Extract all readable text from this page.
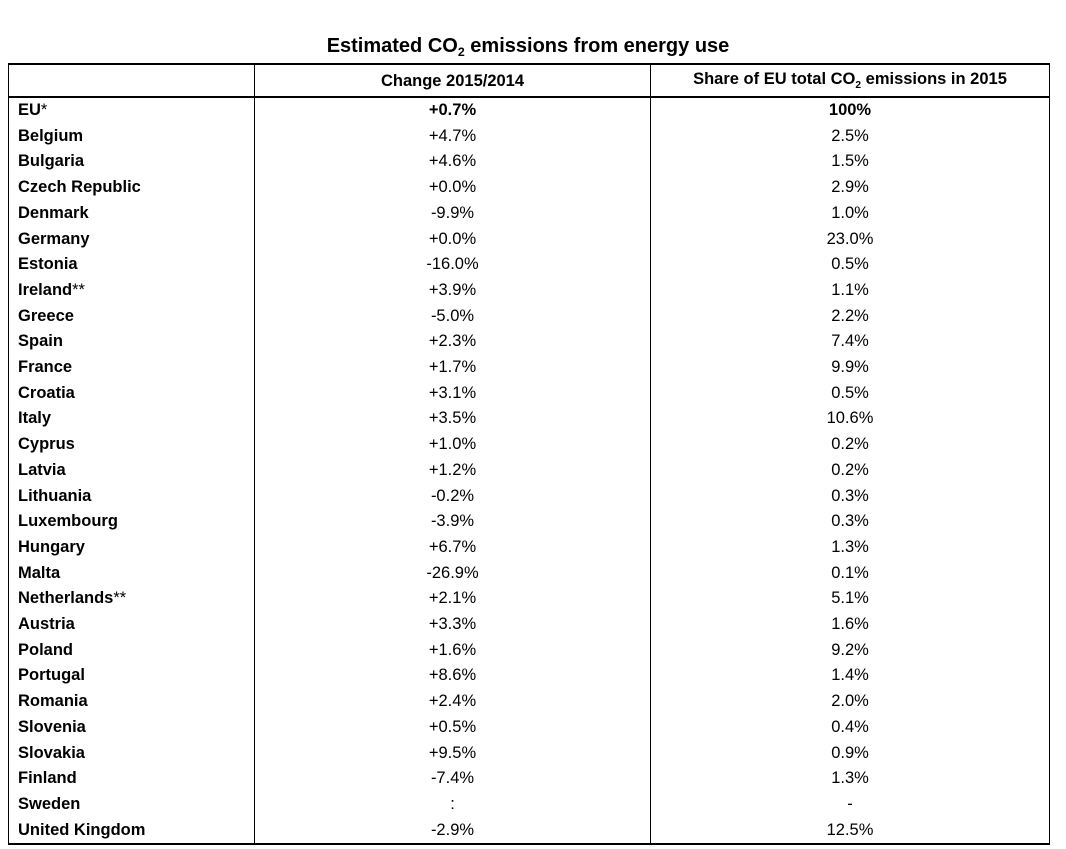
Estimated $CO_2$ emissions from energy use
	Change 2015/2014	Share of EU total $CO_2$ emissions in 2015
EU*	+0.7%	100%
Belgium	+4.7%	2.5%
Bulgaria	+4.6%	1.5%
Czech Republic	+0.0%	2.9%
Denmark	-9.9%	1.0%
Germany	+0.0%	23.0%
Estonia	-16.0%	0.5%
Ireland**	+3.9%	1.1%
Greece	-5.0%	2.2%
Spain	+2.3%	7.4%
France	+1.7%	9.9%
Croatia	+3.1%	0.5%
Italy	+3.5%	10.6%
Cyprus	+1.0%	0.2%
Latvia	+1.2%	0.2%
Lithuania	-0.2%	0.3%
Luxembourg	-3.9%	0.3%
Hungary	+6.7%	1.3%
Malta	-26.9%	0.1%
Netherlands**	+2.1%	5.1%
Austria	+3.3%	1.6%
Poland	+1.6%	9.2%
Portugal	+8.6%	1.4%
Romania	+2.4%	2.0%
Slovenia	+0.5%	0.4%
Slovakia	+9.5%	0.9%
Finland	-7.4%	1.3%
Sweden	:	-
United Kingdom	-2.9%	12.5%
